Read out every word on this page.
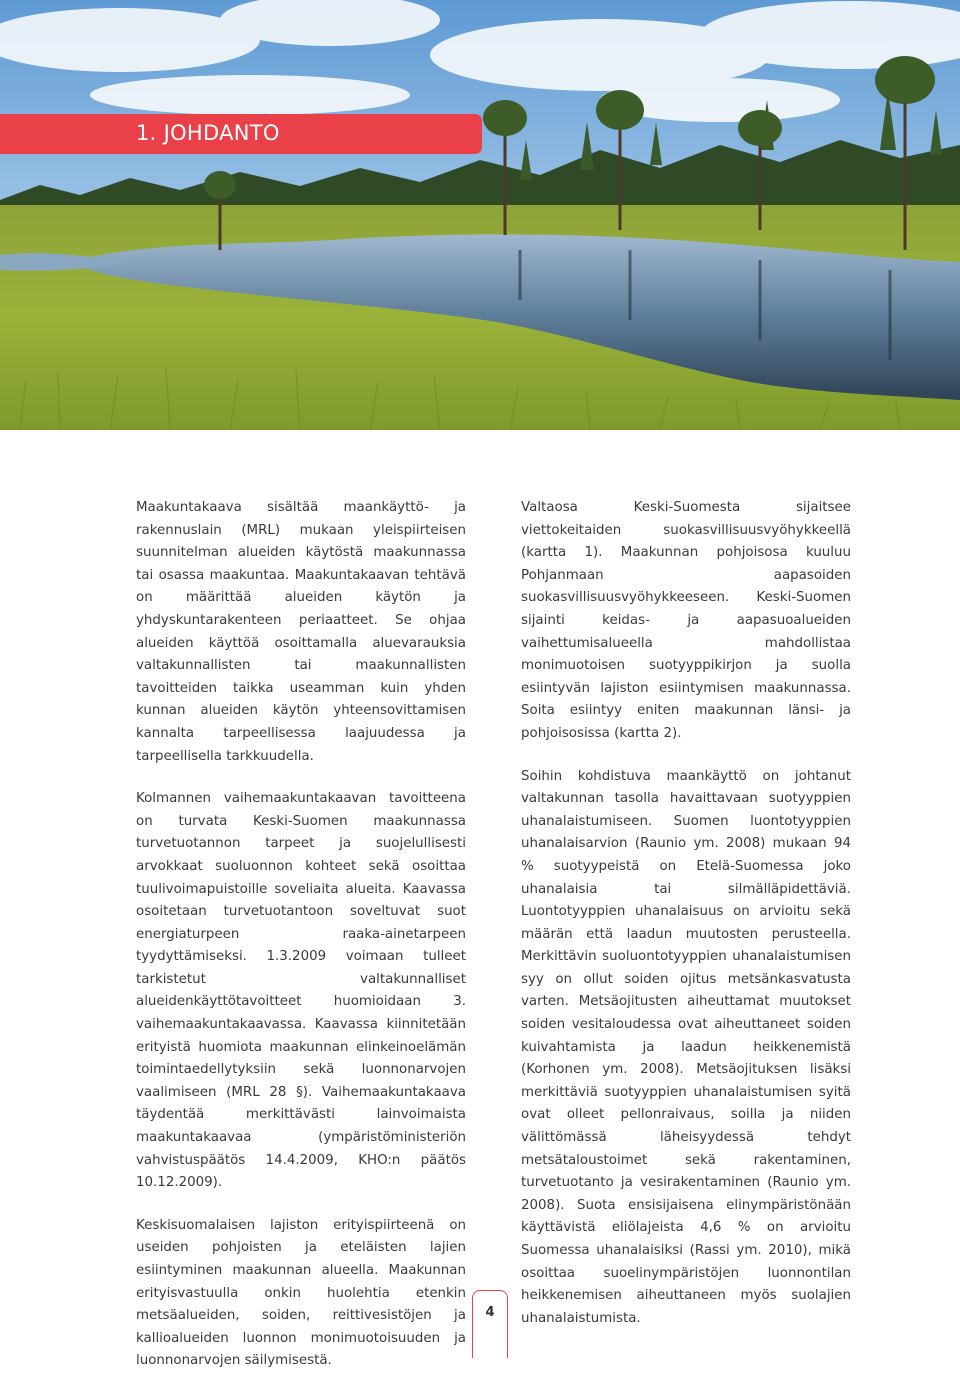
1. JOHDANTO

Maakuntakaava sisältää maankäyttö- ja rakennuslain (MRL) mukaan yleispiirteisen suunnitelman alueiden käytöstä maakunnassa tai osassa maakuntaa. Maakuntakaavan tehtävä on määrittää alueiden käytön ja yhdyskuntarakenteen periaatteet. Se ohjaa alueiden käyttöä osoittamalla aluevarauksia valtakunnallisten tai maakunnallisten tavoitteiden taikka useamman kuin yhden kunnan alueiden käytön yhteensovittamisen kannalta tarpeellisessa laajuudessa ja tarpeellisella tarkkuudella.

Kolmannen vaihemaakuntakaavan tavoitteena on turvata Keski-Suomen maakunnassa turvetuotannon tarpeet ja suojelullisesti arvokkaat suoluonnon kohteet sekä osoittaa tuulivoimapuistoille soveliaita alueita. Kaavassa osoitetaan turvetuotantoon soveltuvat suot energiaturpeen raaka-ainetarpeen tyydyttämiseksi. 1.3.2009 voimaan tulleet tarkistetut valtakunnalliset alueidenkäyttötavoitteet huomioidaan 3. vaihemaakuntakaavassa. Kaavassa kiinnitetään erityistä huomiota maakunnan elinkeinoelämän toimintaedellytyksiin sekä luonnonarvojen vaalimiseen (MRL 28 §). Vaihemaakuntakaava täydentää merkittävästi lainvoimaista maakuntakaavaa (ympäristöministeriön vahvistuspäätös 14.4.2009, KHO:n päätös 10.12.2009).

Keskisuomalaisen lajiston erityispiirteenä on useiden pohjoisten ja eteläisten lajien esiintyminen maakunnan alueella. Maakunnan erityisvastuulla onkin huolehtia etenkin metsäalueiden, soiden, reittivesistöjen ja kallioalueiden luonnon monimuotoisuuden ja luonnonarvojen säilymisestä.

Valtaosa Keski-Suomesta sijaitsee viettokeitaiden suokasvillisuusvyöhykkeellä (kartta 1). Maakunnan pohjoisosa kuuluu Pohjanmaan aapasoiden suokasvillisuusvyöhykkeeseen. Keski-Suomen sijainti keidas- ja aapasuoalueiden vaihettumisalueella mahdollistaa monimuotoisen suotyyppikirjon ja suolla esiintyvän lajiston esiintymisen maakunnassa. Soita esiintyy eniten maakunnan länsi- ja pohjoisosissa (kartta 2).

Soihin kohdistuva maankäyttö on johtanut valtakunnan tasolla havaittavaan suotyyppien uhanalaistumiseen. Suomen luontotyyppien uhanalaisarvion (Raunio ym. 2008) mukaan 94 % suotyypeistä on Etelä-Suomessa joko uhanalaisia tai silmälläpidettäviä. Luontotyyppien uhanalaisuus on arvioitu sekä määrän että laadun muutosten perusteella. Merkittävin suoluontotyyppien uhanalaistumisen syy on ollut soiden ojitus metsänkasvatusta varten. Metsäojitusten aiheuttamat muutokset soiden vesitaloudessa ovat aiheuttaneet soiden kuivahtamista ja laadun heikkenemistä (Korhonen ym. 2008). Metsäojituksen lisäksi merkittäviä suotyyppien uhanalaistumisen syitä ovat olleet pellonraivaus, soilla ja niiden välittömässä läheisyydessä tehdyt metsätaloustoimet sekä rakentaminen, turvetuotanto ja vesirakentaminen (Raunio ym. 2008). Suota ensisijaisena elinympäristönään käyttävistä eliölajeista 4,6 % on arvioitu Suomessa uhanalaisiksi (Rassi ym. 2010), mikä osoittaa suoelinympäristöjen luonnontilan heikkenemisen aiheuttaneen myös suolajien uhanalaistumista.

4
